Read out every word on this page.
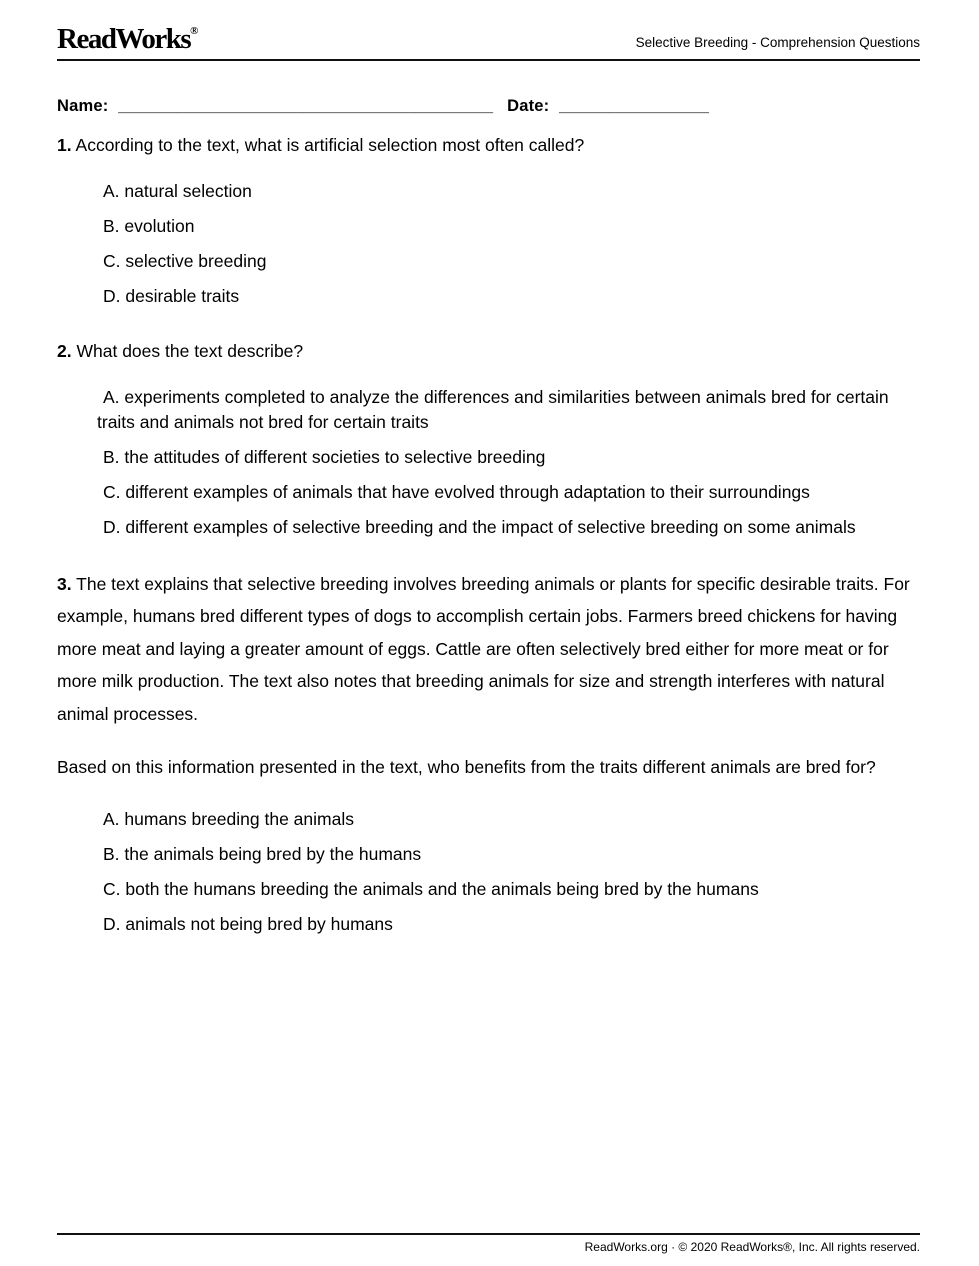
ReadWorks®
Selective Breeding - Comprehension Questions
Name: ________________________________________ Date: ________________

1. According to the text, what is artificial selection most often called?

A. natural selection

B. evolution

C. selective breeding

D. desirable traits

2. What does the text describe?

A. experiments completed to analyze the differences and similarities between animals bred for certain traits and animals not bred for certain traits

B. the attitudes of different societies to selective breeding

C. different examples of animals that have evolved through adaptation to their surroundings

D. different examples of selective breeding and the impact of selective breeding on some animals

3. The text explains that selective breeding involves breeding animals or plants for specific desirable traits. For example, humans bred different types of dogs to accomplish certain jobs. Farmers breed chickens for having more meat and laying a greater amount of eggs. Cattle are often selectively bred either for more meat or for more milk production. The text also notes that breeding animals for size and strength interferes with natural animal processes.

Based on this information presented in the text, who benefits from the traits different animals are bred for?

A. humans breeding the animals

B. the animals being bred by the humans

C. both the humans breeding the animals and the animals being bred by the humans

D. animals not being bred by humans

ReadWorks.org · © 2020 ReadWorks®, Inc. All rights reserved.
